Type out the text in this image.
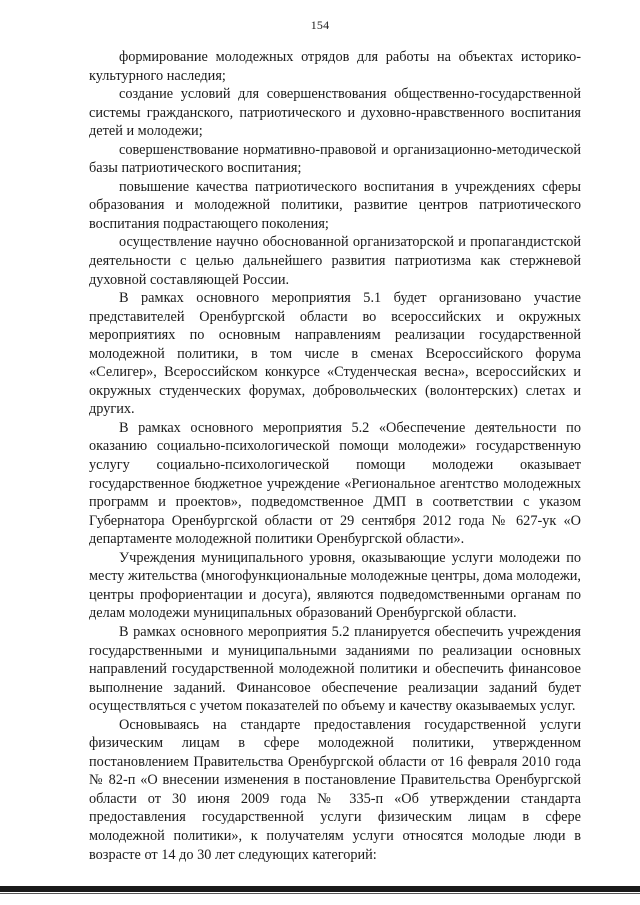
154

формирование молодежных отрядов для работы на объектах историко-культурного наследия;

создание условий для совершенствования общественно-государственной системы гражданского, патриотического и духовно-нравственного воспитания детей и молодежи;

совершенствование нормативно-правовой и организационно-методической базы патриотического воспитания;

повышение качества патриотического воспитания в учреждениях сферы образования и молодежной политики, развитие центров патриотического воспитания подрастающего поколения;

осуществление научно обоснованной организаторской и пропагандистской деятельности с целью дальнейшего развития патриотизма как стержневой духовной составляющей России.

В рамках основного мероприятия 5.1 будет организовано участие представителей Оренбургской области во всероссийских и окружных мероприятиях по основным направлениям реализации государственной молодежной политики, в том числе в сменах Всероссийского форума «Селигер», Всероссийском конкурсе «Студенческая весна», всероссийских и окружных студенческих форумах, добровольческих (волонтерских) слетах и других.

В рамках основного мероприятия 5.2 «Обеспечение деятельности по оказанию социально-психологической помощи молодежи» государственную услугу социально-психологической помощи молодежи оказывает государственное бюджетное учреждение «Региональное агентство молодежных программ и проектов», подведомственное ДМП в соответствии с указом Губернатора Оренбургской области от 29 сентября 2012 года № 627-ук «О департаменте молодежной политики Оренбургской области».

Учреждения муниципального уровня, оказывающие услуги молодежи по месту жительства (многофункциональные молодежные центры, дома молодежи, центры профориентации и досуга), являются подведомственными органам по делам молодежи муниципальных образований Оренбургской области.

В рамках основного мероприятия 5.2 планируется обеспечить учреждения государственными и муниципальными заданиями по реализации основных направлений государственной молодежной политики и обеспечить финансовое выполнение заданий. Финансовое обеспечение реализации заданий будет осуществляться с учетом показателей по объему и качеству оказываемых услуг.

Основываясь на стандарте предоставления государственной услуги физическим лицам в сфере молодежной политики, утвержденном постановлением Правительства Оренбургской области от 16 февраля 2010 года № 82-п «О внесении изменения в постановление Правительства Оренбургской области от 30 июня 2009 года № 335-п «Об утверждении стандарта предоставления государственной услуги физическим лицам в сфере молодежной политики», к получателям услуги относятся молодые люди в возрасте от 14 до 30 лет следующих категорий:
